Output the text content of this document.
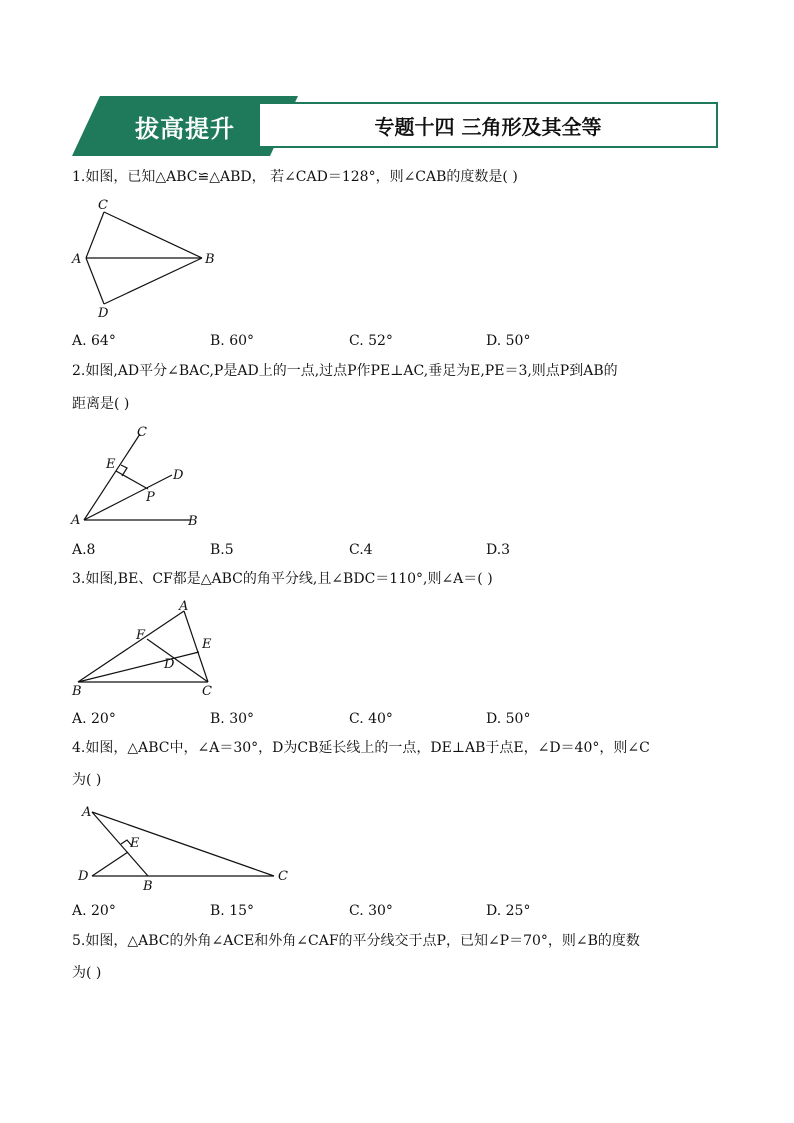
拔高提升	专题十四 三角形及其全等
1.如图，已知△ABC≌△ABD， 若∠CAD＝128°，则∠CAB的度数是( )
C
A	B
D
A. 64°	B. 60°	C. 52°	D. 50°
2.如图,AD平分∠BAC,P是AD上的一点,过点P作PE⊥AC,垂足为E,PE＝3,则点P到AB的
距离是( )
C
E
D
P
A	B
A.8	B.5	C.4	D.3
3.如图,BE、CF都是△ABC的角平分线,且∠BDC＝110°,则∠A＝( )
A
F
E
D
B	C
A. 20°	B. 30°	C. 40°	D. 50°
4.如图，△ABC中，∠A＝30°，D为CB延长线上的一点，DE⊥AB于点E，∠D＝40°，则∠C
为( )
A
E
D
B
C
A. 20°	B. 15°	C. 30°	D. 25°
5.如图，△ABC的外角∠ACE和外角∠CAF的平分线交于点P，已知∠P＝70°，则∠B的度数
为( )
